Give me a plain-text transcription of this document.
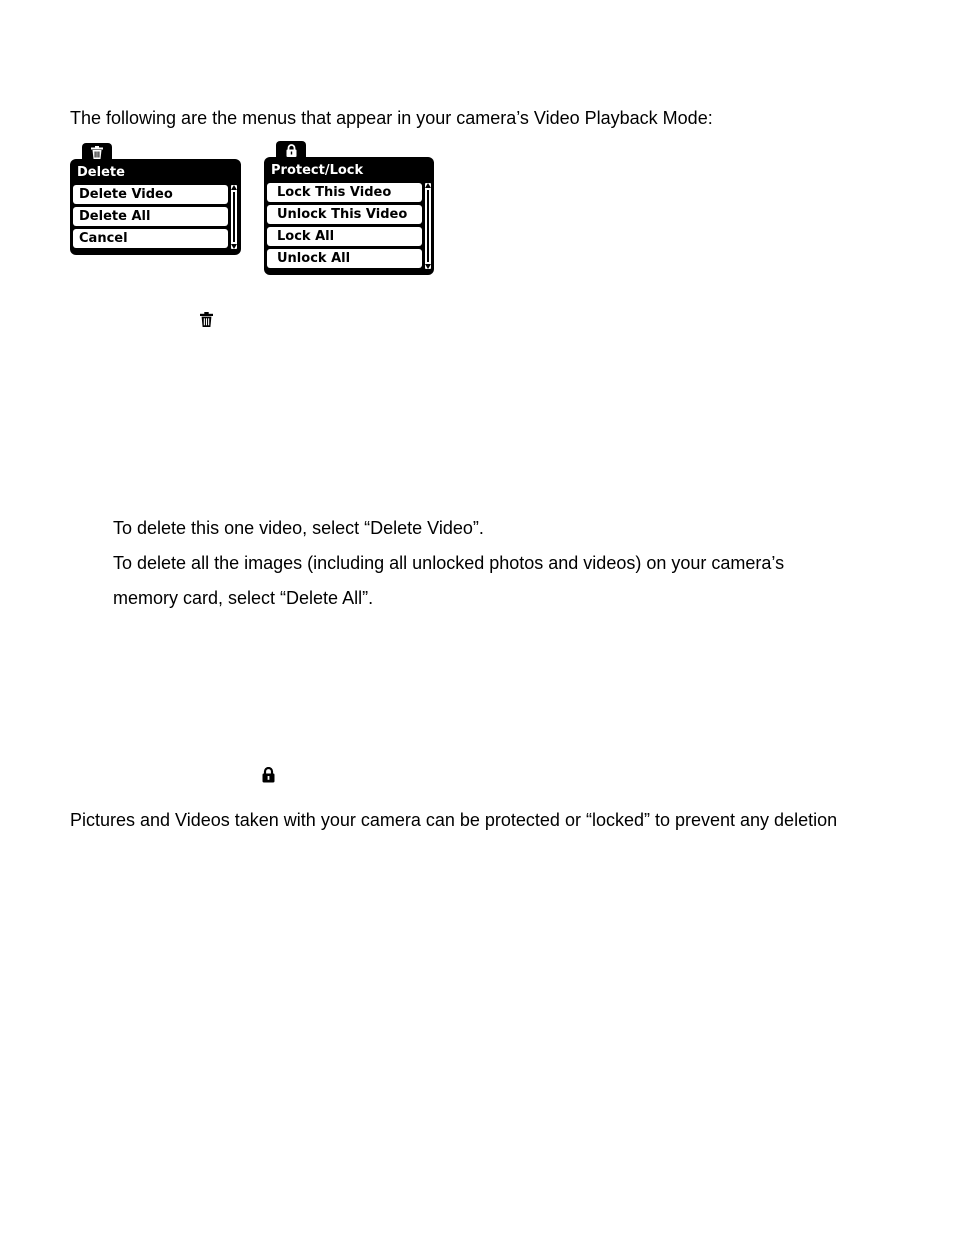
The following are the menus that appear in your camera’s Video Playback Mode:
Delete
Delete Video
Delete All
Cancel
Protect/Lock
Lock This Video
Unlock This Video
Lock All
Unlock All
To delete this one video, select “Delete Video”.
To delete all the images (including all unlocked photos and videos) on your camera’s
memory card, select “Delete All”.
Pictures and Videos taken with your camera can be protected or “locked” to prevent any deletion
